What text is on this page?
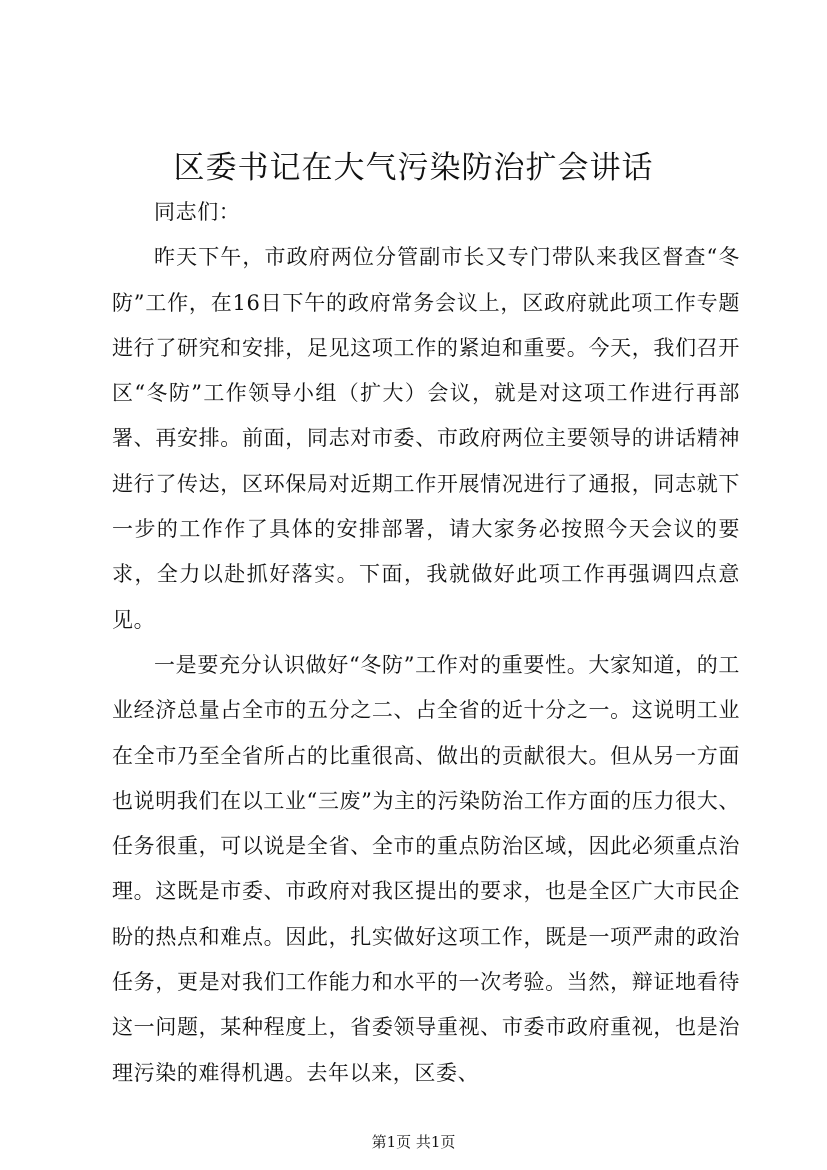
区委书记在大气污染防治扩会讲话

同志们：

昨天下午，市政府两位分管副市长又专门带队来我区督查“冬防”工作，在16日下午的政府常务会议上，区政府就此项工作专题进行了研究和安排，足见这项工作的紧迫和重要。今天，我们召开区“冬防”工作领导小组（扩大）会议，就是对这项工作进行再部署、再安排。前面，同志对市委、市政府两位主要领导的讲话精神进行了传达，区环保局对近期工作开展情况进行了通报，同志就下一步的工作作了具体的安排部署，请大家务必按照今天会议的要求，全力以赴抓好落实。下面，我就做好此项工作再强调四点意见。

一是要充分认识做好“冬防”工作对的重要性。大家知道，的工业经济总量占全市的五分之二、占全省的近十分之一。这说明工业在全市乃至全省所占的比重很高、做出的贡献很大。但从另一方面也说明我们在以工业“三废”为主的污染防治工作方面的压力很大、任务很重，可以说是全省、全市的重点防治区域，因此必须重点治理。这既是市委、市政府对我区提出的要求，也是全区广大市民企盼的热点和难点。因此，扎实做好这项工作，既是一项严肃的政治任务，更是对我们工作能力和水平的一次考验。当然，辩证地看待这一问题，某种程度上，省委领导重视、市委市政府重视，也是治理污染的难得机遇。去年以来，区委、

第1页 共1页
